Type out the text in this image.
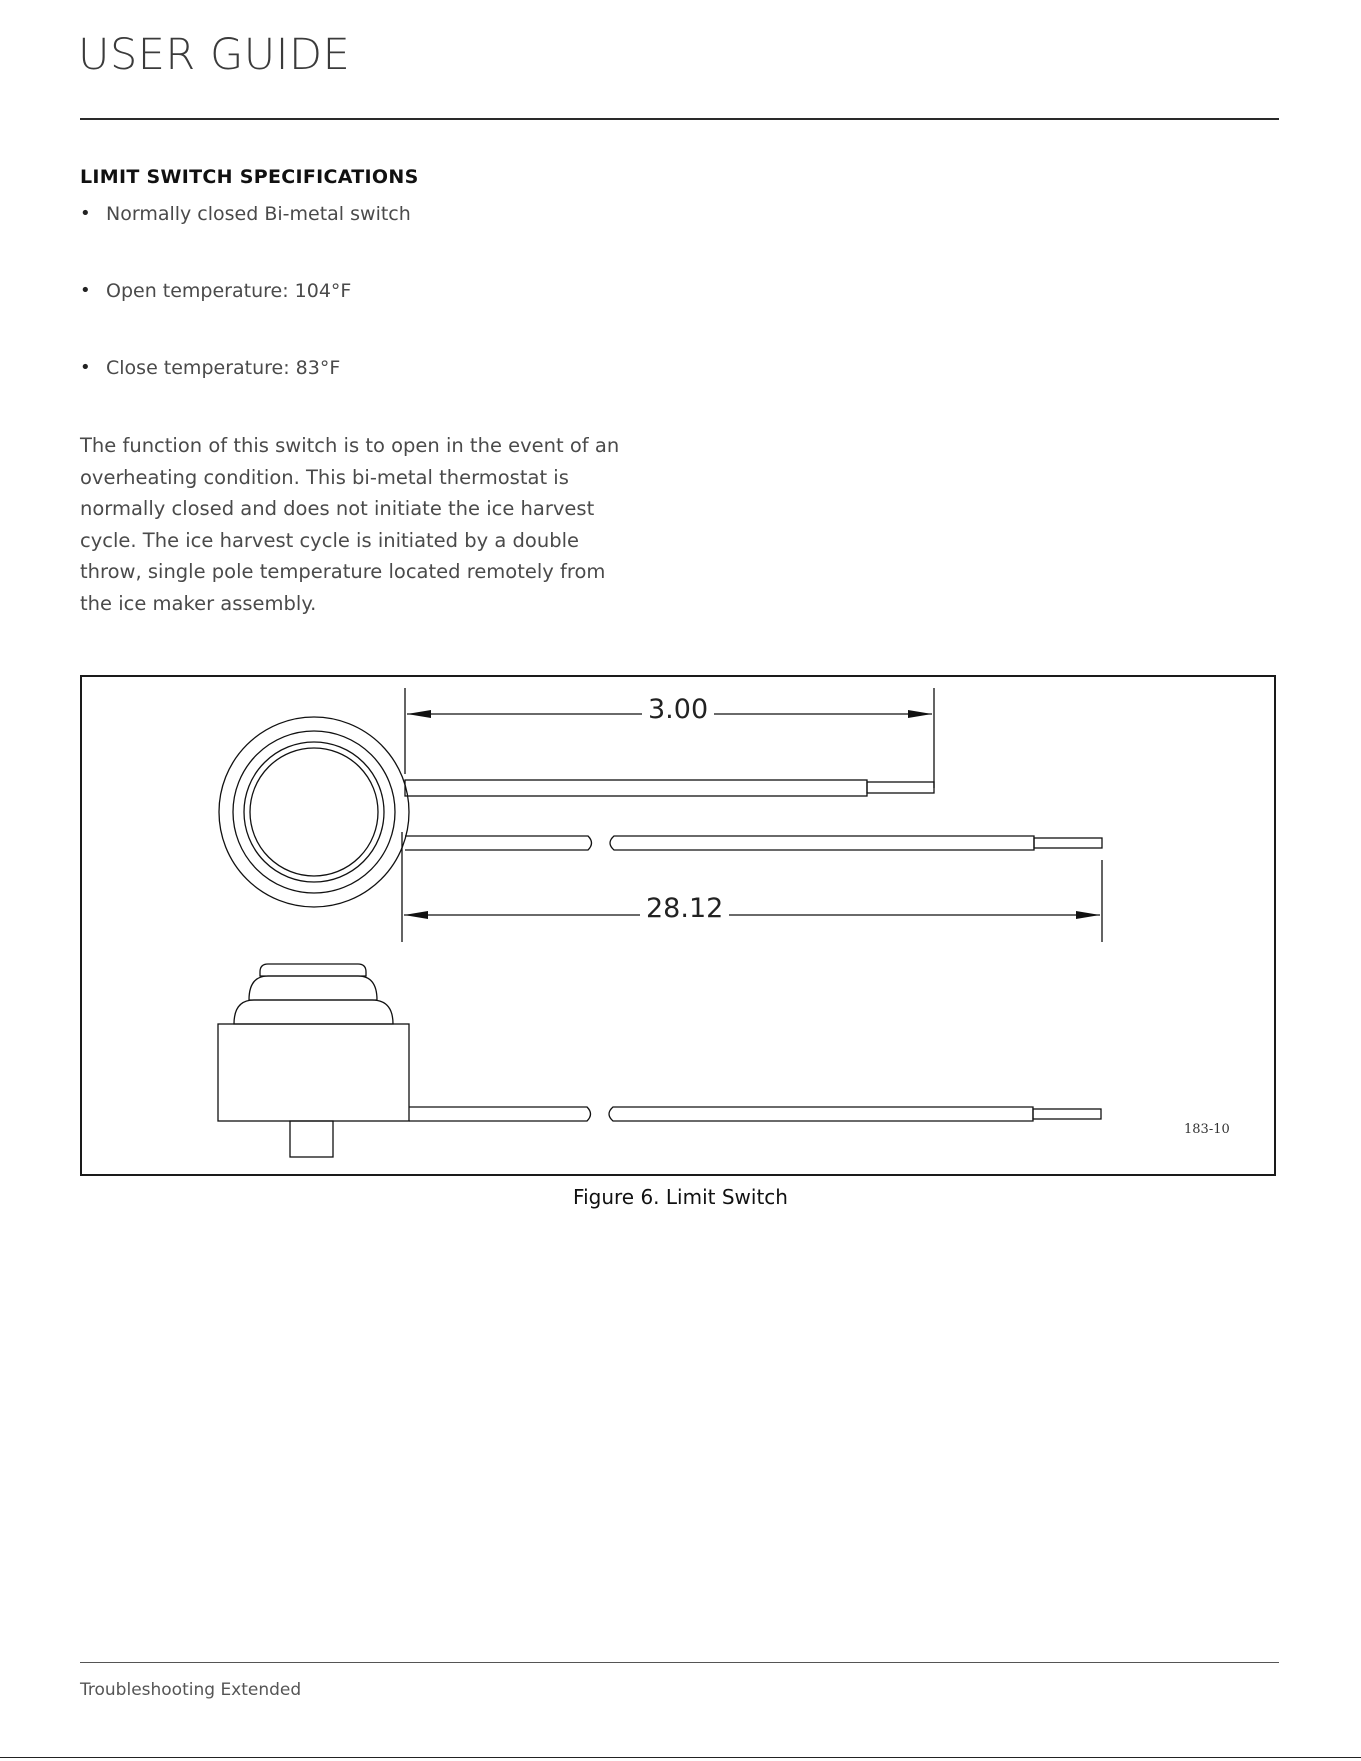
USER GUIDE
LIMIT SWITCH SPECIFICATIONS
• Normally closed Bi-metal switch
• Open temperature: 104°F
• Close temperature: 83°F

The function of this switch is to open in the event of an overheating condition. This bi-metal thermostat is normally closed and does not initiate the ice harvest cycle. The ice harvest cycle is initiated by a double throw, single pole temperature located remotely from the ice maker assembly.

3.00
28.12
183-10
Figure 6. Limit Switch
Troubleshooting Extended
